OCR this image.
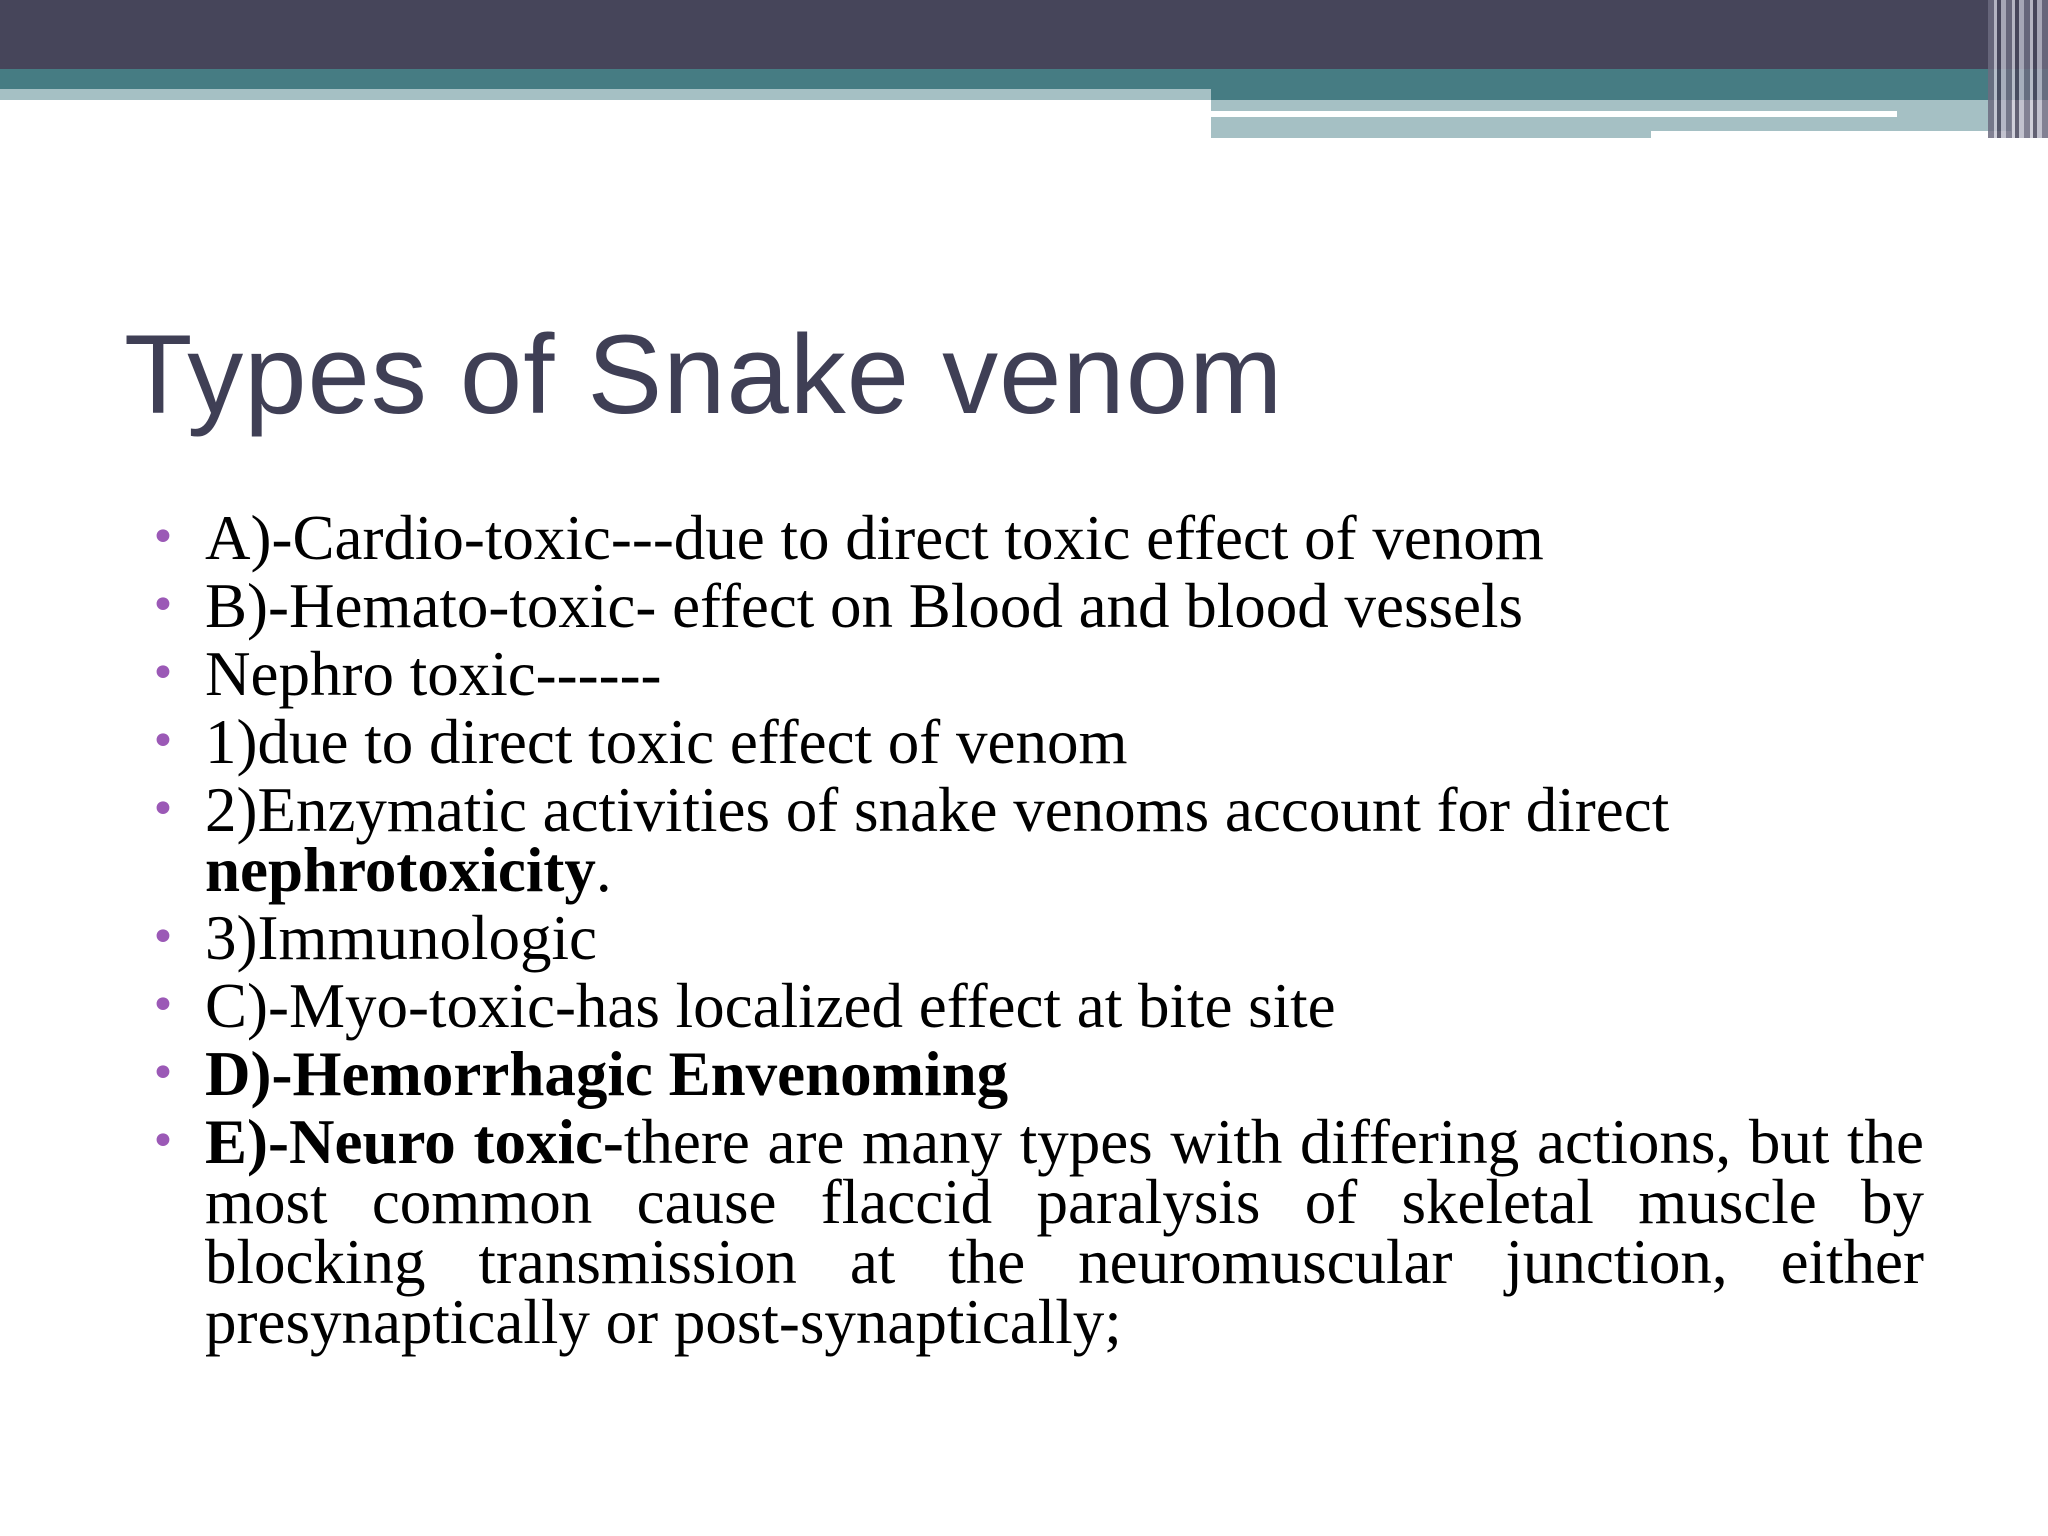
Types of Snake venom
• A)-Cardio-toxic---due to direct toxic effect of venom
• B)-Hemato-toxic- effect on Blood and blood vessels
• Nephro toxic------
• 1)due to direct toxic effect of venom
• 2)Enzymatic activities of snake venoms account for direct nephrotoxicity.
• 3)Immunologic
• C)-Myo-toxic-has localized effect at bite site
• D)-Hemorrhagic Envenoming
• E)-Neuro toxic-there are many types with differing actions, but the most common cause flaccid paralysis of skeletal muscle by blocking transmission at the neuromuscular junction, either presynaptically or post-synaptically;
